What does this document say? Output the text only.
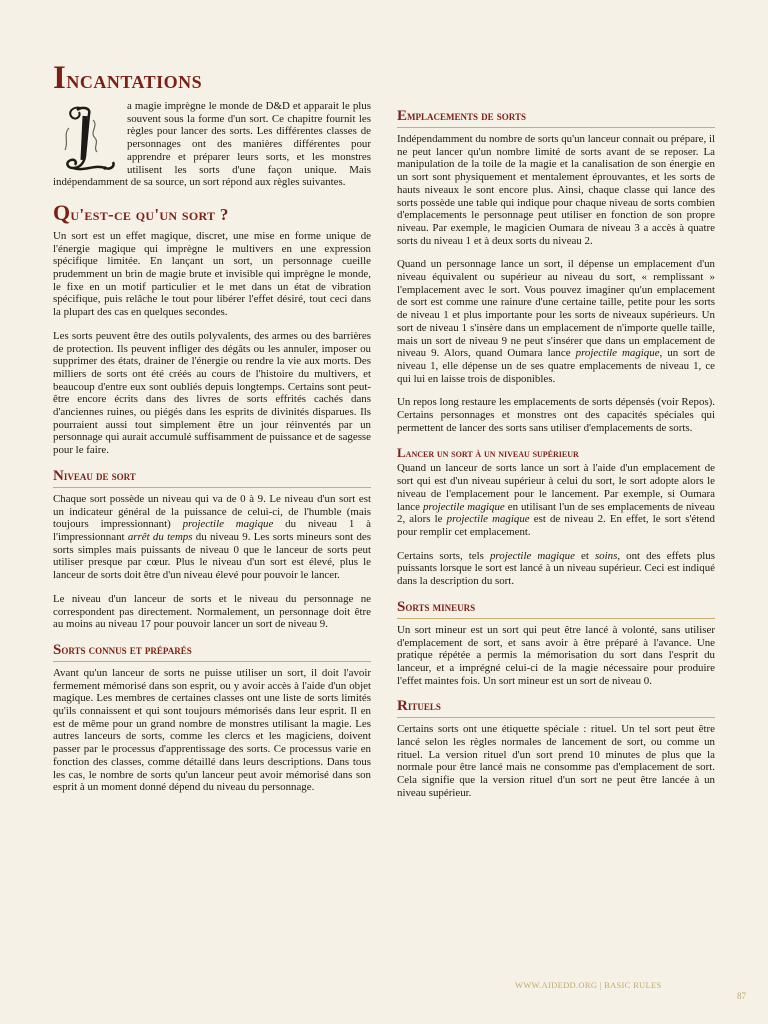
Incantations

a magie imprègne le monde de D&D et apparait le plus souvent sous la forme d'un sort. Ce chapitre fournit les règles pour lancer des sorts. Les différentes classes de personnages ont des manières différentes pour apprendre et préparer leurs sorts, et les monstres utilisent les sorts d'une façon unique. Mais indépendamment de sa source, un sort répond aux règles suivantes.

Qu'est-ce qu'un sort ?

Un sort est un effet magique, discret, une mise en forme unique de l'énergie magique qui imprègne le multivers en une expression spécifique limitée. En lançant un sort, un personnage cueille prudemment un brin de magie brute et invisible qui imprègne le monde, le fixe en un motif particulier et le met dans un état de vibration spécifique, puis relâche le tout pour libérer l'effet désiré, tout ceci dans la plupart des cas en quelques secondes.

Les sorts peuvent être des outils polyvalents, des armes ou des barrières de protection. Ils peuvent infliger des dégâts ou les annuler, imposer ou supprimer des états, drainer de l'énergie ou rendre la vie aux morts. Des milliers de sorts ont été créés au cours de l'histoire du multivers, et beaucoup d'entre eux sont oubliés depuis longtemps. Certains sont peut-être encore écrits dans des livres de sorts effrités cachés dans d'anciennes ruines, ou piégés dans les esprits de divinités disparues. Ils pourraient aussi tout simplement être un jour réinventés par un personnage qui aurait accumulé suffisamment de puissance et de sagesse pour le faire.

Niveau de sort

Chaque sort possède un niveau qui va de 0 à 9. Le niveau d'un sort est un indicateur général de la puissance de celui-ci, de l'humble (mais toujours impressionnant) projectile magique du niveau 1 à l'impressionnant arrêt du temps du niveau 9. Les sorts mineurs sont des sorts simples mais puissants de niveau 0 que le lanceur de sorts peut utiliser presque par cœur. Plus le niveau d'un sort est élevé, plus le lanceur de sorts doit être d'un niveau élevé pour pouvoir le lancer.

Le niveau d'un lanceur de sorts et le niveau du personnage ne correspondent pas directement. Normalement, un personnage doit être au moins au niveau 17 pour pouvoir lancer un sort de niveau 9.

Sorts connus et préparés

Avant qu'un lanceur de sorts ne puisse utiliser un sort, il doit l'avoir fermement mémorisé dans son esprit, ou y avoir accès à l'aide d'un objet magique. Les membres de certaines classes ont une liste de sorts limités qu'ils connaissent et qui sont toujours mémorisés dans leur esprit. Il en est de même pour un grand nombre de monstres utilisant la magie. Les autres lanceurs de sorts, comme les clercs et les magiciens, doivent passer par le processus d'apprentissage des sorts. Ce processus varie en fonction des classes, comme détaillé dans leurs descriptions. Dans tous les cas, le nombre de sorts qu'un lanceur peut avoir mémorisé dans son esprit à un moment donné dépend du niveau du personnage.

Emplacements de sorts

Indépendamment du nombre de sorts qu'un lanceur connait ou prépare, il ne peut lancer qu'un nombre limité de sorts avant de se reposer. La manipulation de la toile de la magie et la canalisation de son énergie en un sort sont physiquement et mentalement éprouvantes, et les sorts de hauts niveaux le sont encore plus. Ainsi, chaque classe qui lance des sorts possède une table qui indique pour chaque niveau de sorts combien d'emplacements le personnage peut utiliser en fonction de son propre niveau. Par exemple, le magicien Oumara de niveau 3 a accès à quatre sorts du niveau 1 et à deux sorts du niveau 2.

Quand un personnage lance un sort, il dépense un emplacement d'un niveau équivalent ou supérieur au niveau du sort, « remplissant » l'emplacement avec le sort. Vous pouvez imaginer qu'un emplacement de sort est comme une rainure d'une certaine taille, petite pour les sorts de niveau 1 et plus importante pour les sorts de niveaux supérieurs. Un sort de niveau 1 s'insère dans un emplacement de n'importe quelle taille, mais un sort de niveau 9 ne peut s'insérer que dans un emplacement de niveau 9. Alors, quand Oumara lance projectile magique, un sort de niveau 1, elle dépense un de ses quatre emplacements de niveau 1, ce qui lui en laisse trois de disponibles.

Un repos long restaure les emplacements de sorts dépensés (voir Repos). Certains personnages et monstres ont des capacités spéciales qui permettent de lancer des sorts sans utiliser d'emplacements de sorts.

Lancer un sort à un niveau supérieur

Quand un lanceur de sorts lance un sort à l'aide d'un emplacement de sort qui est d'un niveau supérieur à celui du sort, le sort adopte alors le niveau de l'emplacement pour le lancement. Par exemple, si Oumara lance projectile magique en utilisant l'un de ses emplacements de niveau 2, alors le projectile magique est de niveau 2. En effet, le sort s'étend pour remplir cet emplacement.

Certains sorts, tels projectile magique et soins, ont des effets plus puissants lorsque le sort est lancé à un niveau supérieur. Ceci est indiqué dans la description du sort.

Sorts mineurs

Un sort mineur est un sort qui peut être lancé à volonté, sans utiliser d'emplacement de sort, et sans avoir à être préparé à l'avance. Une pratique répétée a permis la mémorisation du sort dans l'esprit du lanceur, et a imprégné celui-ci de la magie nécessaire pour produire l'effet maintes fois. Un sort mineur est un sort de niveau 0.

Rituels

Certains sorts ont une étiquette spéciale : rituel. Un tel sort peut être lancé selon les règles normales de lancement de sort, ou comme un rituel. La version rituel d'un sort prend 10 minutes de plus que la normale pour être lancé mais ne consomme pas d'emplacement de sort. Cela signifie que la version rituel d'un sort ne peut être lancée à un niveau supérieur.

WWW.AIDEDD.ORG | BASIC RULES
87
